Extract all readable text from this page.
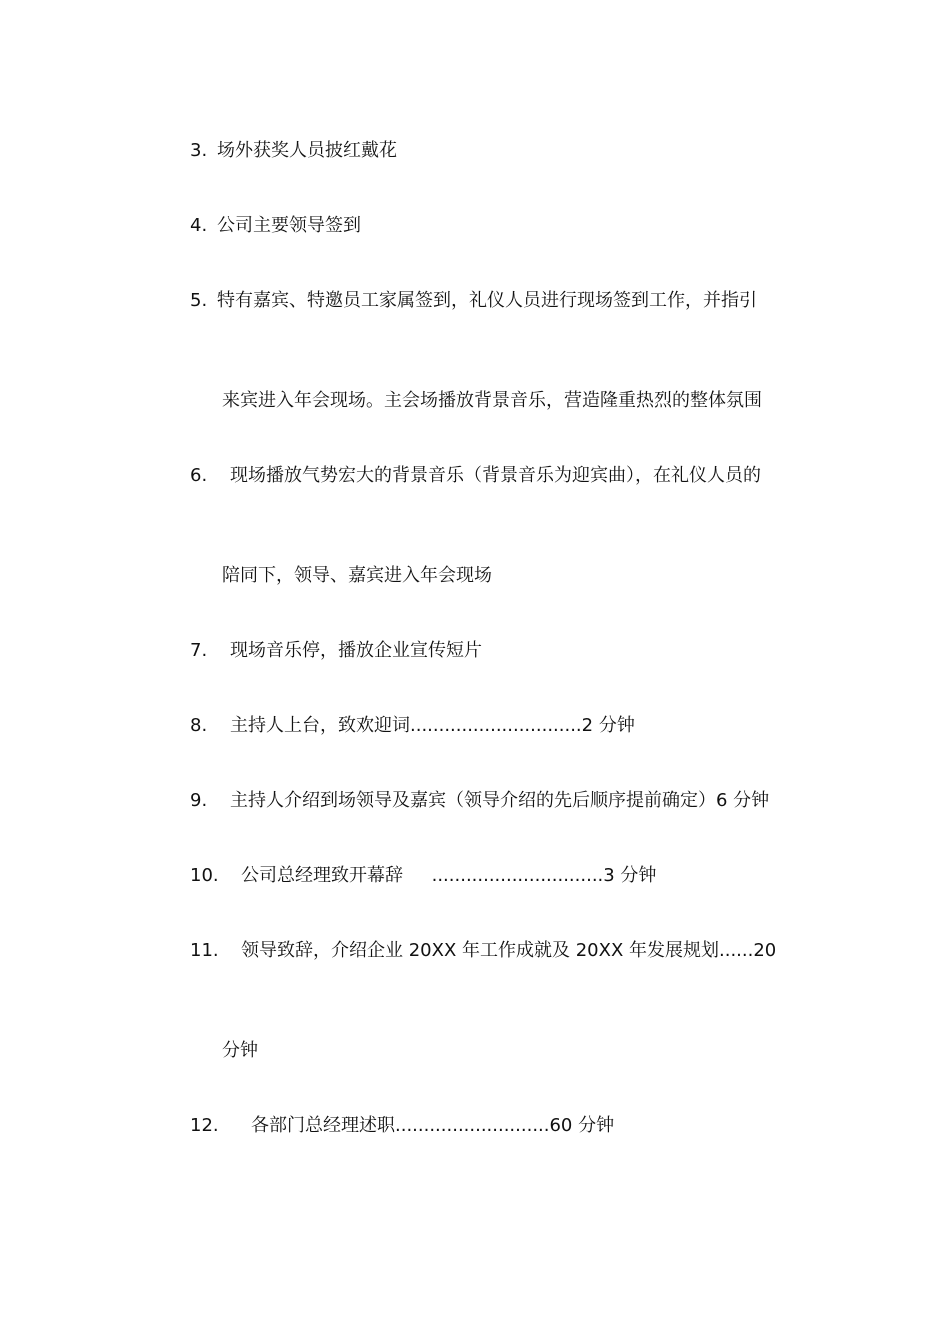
3. 场外获奖人员披红戴花
4. 公司主要领导签到
5. 特有嘉宾、特邀员工家属签到，礼仪人员进行现场签到工作，并指引
来宾进入年会现场。主会场播放背景音乐，营造隆重热烈的整体氛围
6. 现场播放气势宏大的背景音乐（背景音乐为迎宾曲），在礼仪人员的
陪同下，领导、嘉宾进入年会现场
7. 现场音乐停，播放企业宣传短片
8. 主持人上台，致欢迎词..............................2 分钟
9. 主持人介绍到场领导及嘉宾（领导介绍的先后顺序提前确定）6 分钟
10. 公司总经理致开幕辞     ..............................3 分钟
11. 领导致辞，介绍企业 20XX 年工作成就及 20XX 年发展规划......20
分钟
12. 各部门总经理述职...........................60 分钟
